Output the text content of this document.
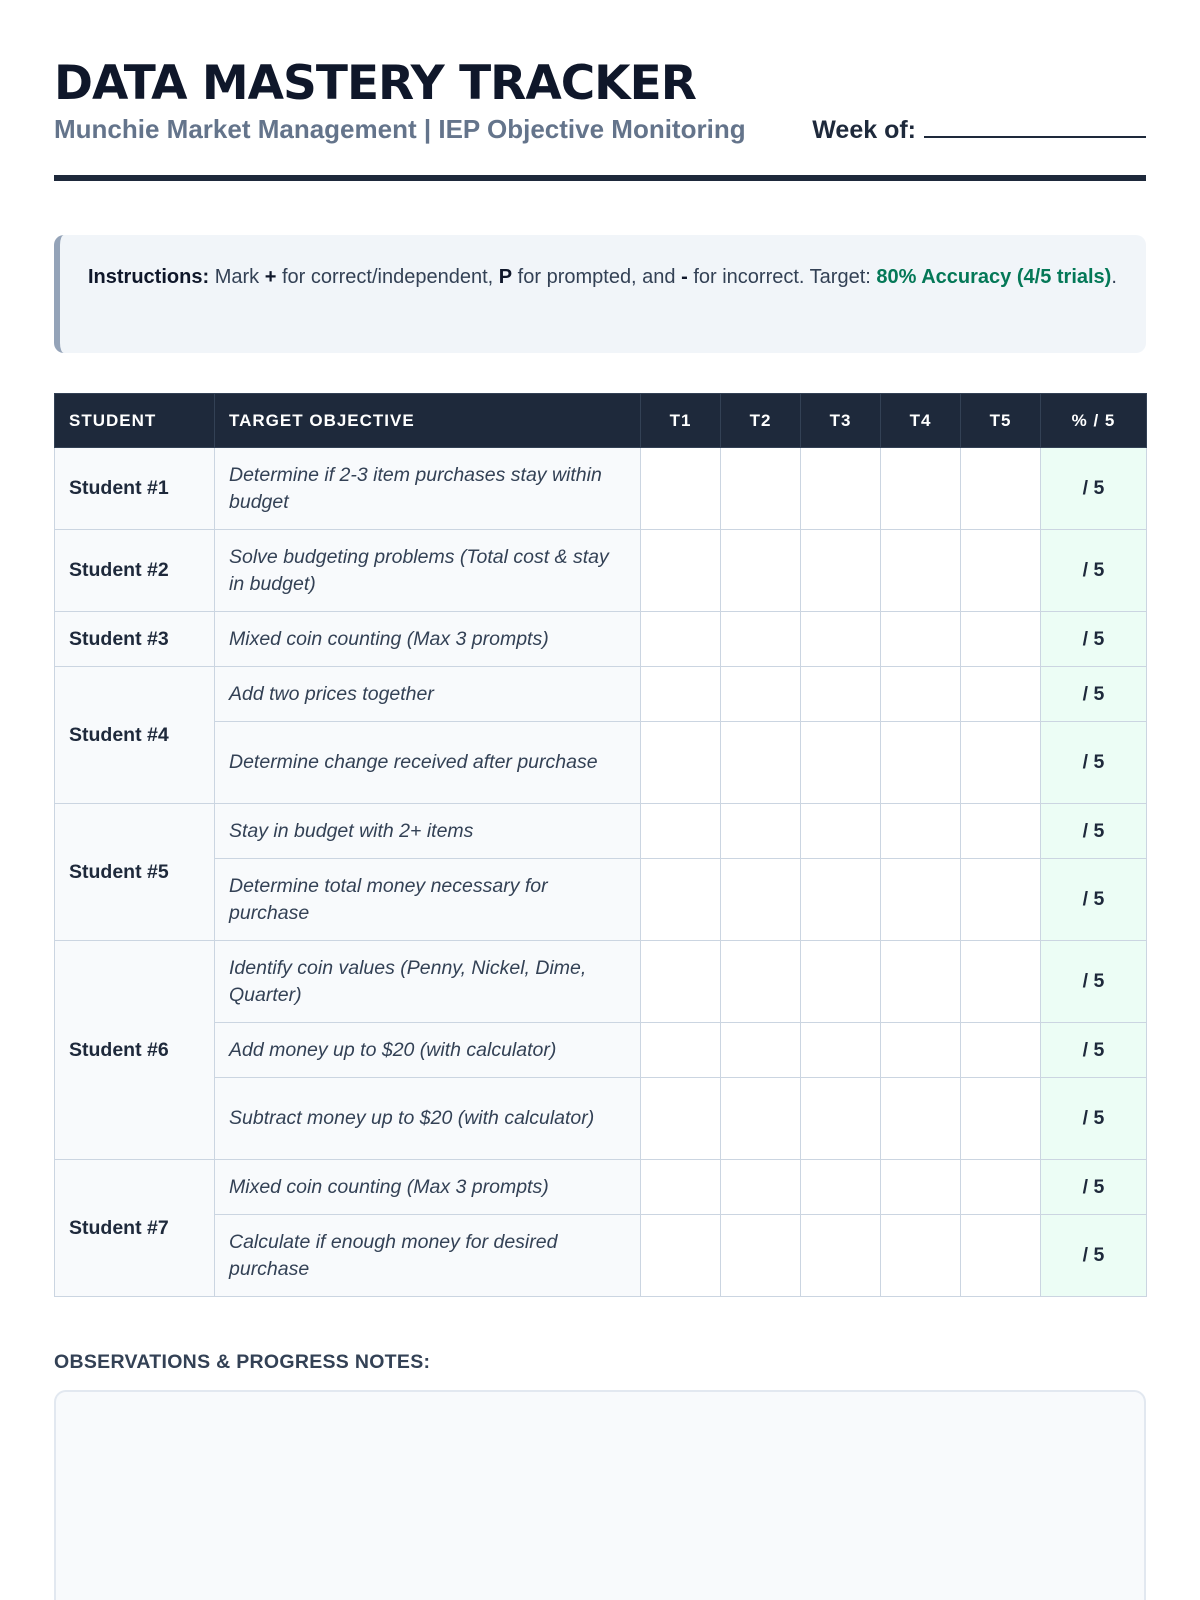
DATA MASTERY TRACKER
Munchie Market Management | IEP Objective Monitoring	Week of:
Instructions: Mark + for correct/independent, P for prompted, and - for incorrect. Target: 80% Accuracy (4/5 trials).
STUDENT	TARGET OBJECTIVE	T1	T2	T3	T4	T5	% / 5
Student #1	Determine if 2-3 item purchases stay within budget						/ 5
Student #2	Solve budgeting problems (Total cost & stay in budget)						/ 5
Student #3	Mixed coin counting (Max 3 prompts)						/ 5
Student #4	Add two prices together						/ 5
	Determine change received after purchase						/ 5
Student #5	Stay in budget with 2+ items						/ 5
	Determine total money necessary for purchase						/ 5
Student #6	Identify coin values (Penny, Nickel, Dime, Quarter)						/ 5
	Add money up to $20 (with calculator)						/ 5
	Subtract money up to $20 (with calculator)						/ 5
Student #7	Mixed coin counting (Max 3 prompts)						/ 5
	Calculate if enough money for desired purchase						/ 5
OBSERVATIONS & PROGRESS NOTES:
